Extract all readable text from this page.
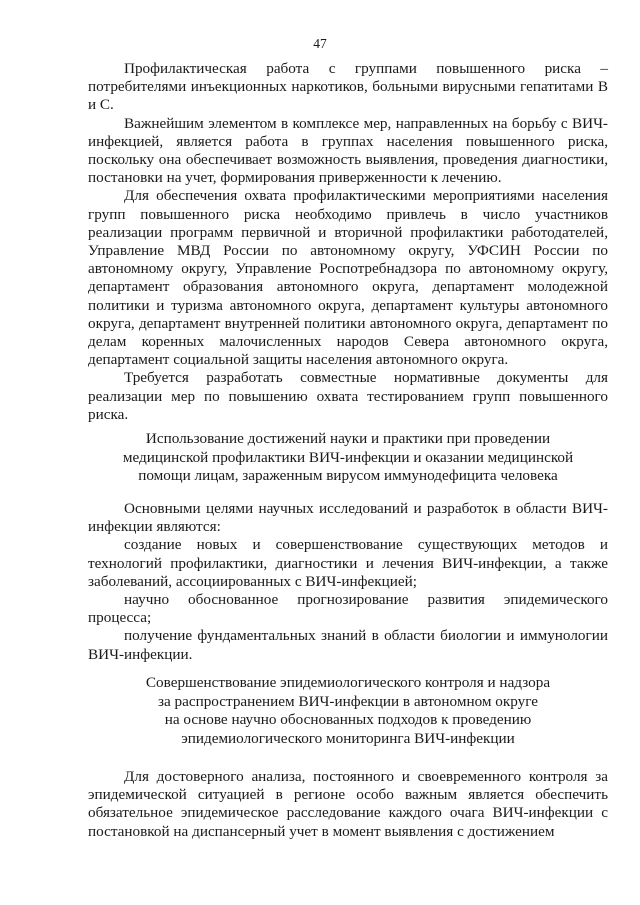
47

Профилактическая работа с группами повышенного риска – потребителями инъекционных наркотиков, больными вирусными гепатитами В и С.

Важнейшим элементом в комплексе мер, направленных на борьбу с ВИЧ-инфекцией, является работа в группах населения повышенного риска, поскольку она обеспечивает возможность выявления, проведения диагностики, постановки на учет, формирования приверженности к лечению.

Для обеспечения охвата профилактическими мероприятиями населения групп повышенного риска необходимо привлечь в число участников реализации программ первичной и вторичной профилактики работодателей, Управление МВД России по автономному округу, УФСИН России по автономному округу, Управление Роспотребнадзора по автономному округу, департамент образования автономного округа, департамент молодежной политики и туризма автономного округа, департамент культуры автономного округа, департамент внутренней политики автономного округа, департамент по делам коренных малочисленных народов Севера автономного округа, департамент социальной защиты населения автономного округа.

Требуется разработать совместные нормативные документы для реализации мер по повышению охвата тестированием групп повышенного риска.

Использование достижений науки и практики при проведении

медицинской профилактики ВИЧ-инфекции и оказании медицинской

помощи лицам, зараженным вирусом иммунодефицита человека

Основными целями научных исследований и разработок в области ВИЧ-инфекции являются:

создание новых и совершенствование существующих методов и технологий профилактики, диагностики и лечения ВИЧ-инфекции, а также заболеваний, ассоциированных с ВИЧ-инфекцией;

научно обоснованное прогнозирование развития эпидемического процесса;

получение фундаментальных знаний в области биологии и иммунологии ВИЧ-инфекции.

Совершенствование эпидемиологического контроля и надзора

за распространением ВИЧ-инфекции в автономном округе

на основе научно обоснованных подходов к проведению

эпидемиологического мониторинга ВИЧ-инфекции

Для достоверного анализа, постоянного и своевременного контроля за эпидемической ситуацией в регионе особо важным является обеспечить обязательное эпидемическое расследование каждого очага ВИЧ-инфекции с постановкой на диспансерный учет в момент выявления с достижением
